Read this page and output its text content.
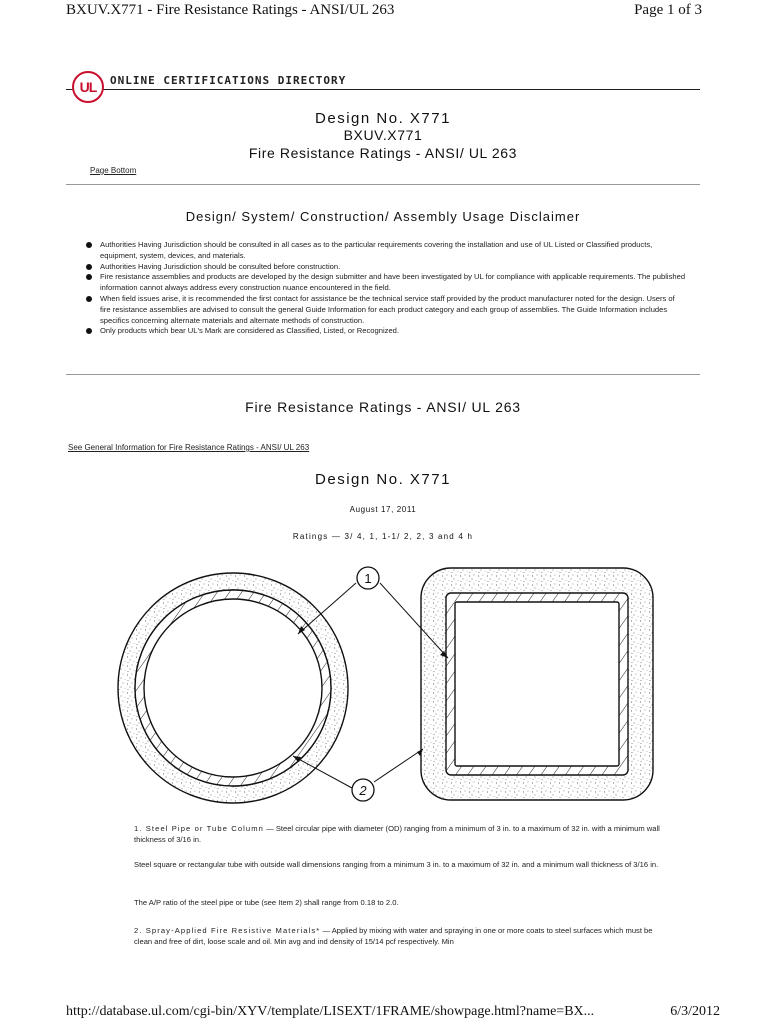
BXUV.X771 - Fire Resistance Ratings - ANSI/UL 263	Page 1 of 3
UL	ONLINE CERTIFICATIONS DIRECTORY
Design No. X771
BXUV.X771
Fire Resistance Ratings - ANSI/ UL 263
Page Bottom
Design/ System/ Construction/ Assembly Usage Disclaimer
Authorities Having Jurisdiction should be consulted in all cases as to the particular requirements covering the installation and use of UL Listed or Classified products, equipment, system, devices, and materials.
Authorities Having Jurisdiction should be consulted before construction.
Fire resistance assemblies and products are developed by the design submitter and have been investigated by UL for compliance with applicable requirements. The published information cannot always address every construction nuance encountered in the field.
When field issues arise, it is recommended the first contact for assistance be the technical service staff provided by the product manufacturer noted for the design. Users of fire resistance assemblies are advised to consult the general Guide Information for each product category and each group of assemblies. The Guide Information includes specifics concerning alternate materials and alternate methods of construction.
Only products which bear UL's Mark are considered as Classified, Listed, or Recognized.
Fire Resistance Ratings - ANSI/ UL 263
See General Information for Fire Resistance Ratings - ANSI/ UL 263
Design No. X771
August 17, 2011
Ratings — 3/ 4, 1, 1-1/ 2, 2, 3 and 4 h
1
2
1. Steel Pipe or Tube Column — Steel circular pipe with diameter (OD) ranging from a minimum of 3 in. to a maximum of 32 in. with a minimum wall thickness of 3/16 in.
Steel square or rectangular tube with outside wall dimensions ranging from a minimum 3 in. to a maximum of 32 in. and a minimum wall thickness of 3/16 in.
The A/P ratio of the steel pipe or tube (see Item 2) shall range from 0.18 to 2.0.
2. Spray-Applied Fire Resistive Materials* — Applied by mixing with water and spraying in one or more coats to steel surfaces which must be clean and free of dirt, loose scale and oil. Min avg and ind density of 15/14 pcf respectively. Min
http://database.ul.com/cgi-bin/XYV/template/LISEXT/1FRAME/showpage.html?name=BX...	6/3/2012
